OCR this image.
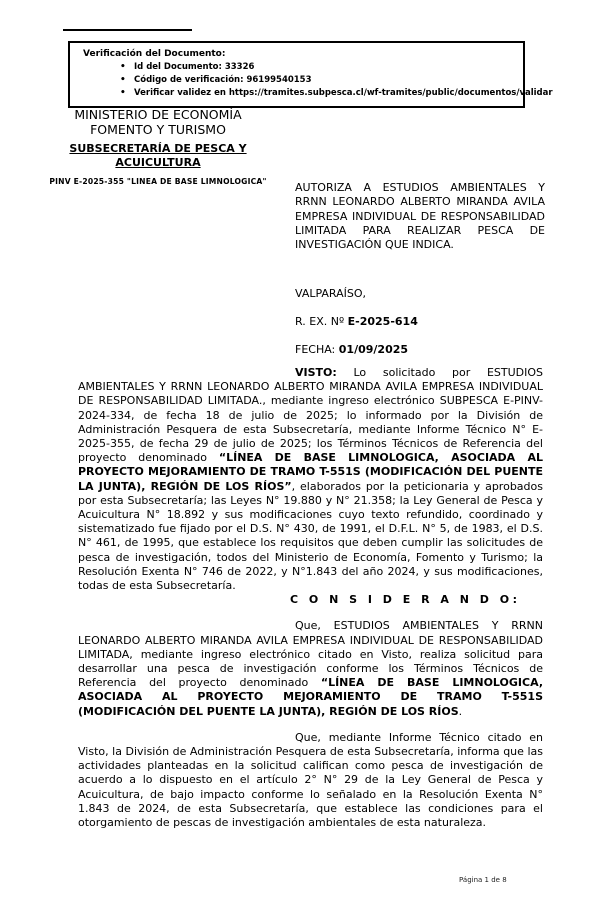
Verificación del Documento:
• Id del Documento: 33326
• Código de verificación: 96199540153
• Verificar validez en https://tramites.subpesca.cl/wf-tramites/public/documentos/validar
MINISTERIO DE ECONOMÍA
FOMENTO Y TURISMO
SUBSECRETARÍA DE PESCA Y ACUICULTURA
PINV E-2025-355 "LINEA DE BASE LIMNOLOGICA"	AUTORIZA A ESTUDIOS AMBIENTALES Y RRNN LEONARDO ALBERTO MIRANDA AVILA EMPRESA INDIVIDUAL DE RESPONSABILIDAD LIMITADA PARA REALIZAR PESCA DE INVESTIGACIÓN QUE INDICA.
VALPARAÍSO,
R. EX. Nº E-2025-614
FECHA: 01/09/2025

VISTO: Lo solicitado por ESTUDIOS AMBIENTALES Y RRNN LEONARDO ALBERTO MIRANDA AVILA EMPRESA INDIVIDUAL DE RESPONSABILIDAD LIMITADA., mediante ingreso electrónico SUBPESCA E-PINV-2024-334, de fecha 18 de julio de 2025; lo informado por la División de Administración Pesquera de esta Subsecretaría, mediante Informe Técnico N° E-2025-355, de fecha 29 de julio de 2025; los Términos Técnicos de Referencia del proyecto denominado “LÍNEA DE BASE LIMNOLOGICA, ASOCIADA AL PROYECTO MEJORAMIENTO DE TRAMO T-551S (MODIFICACIÓN DEL PUENTE LA JUNTA), REGIÓN DE LOS RÍOS”, elaborados por la peticionaria y aprobados por esta Subsecretaría; las Leyes N° 19.880 y N° 21.358; la Ley General de Pesca y Acuicultura N° 18.892 y sus modificaciones cuyo texto refundido, coordinado y sistematizado fue fijado por el D.S. N° 430, de 1991, el D.F.L. N° 5, de 1983, el D.S. N° 461, de 1995, que establece los requisitos que deben cumplir las solicitudes de pesca de investigación, todos del Ministerio de Economía, Fomento y Turismo; la Resolución Exenta N° 746 de 2022, y N°1.843 del año 2024, y sus modificaciones, todas de esta Subsecretaría.

C O N S I D E R A N D O:

Que, ESTUDIOS AMBIENTALES Y RRNN LEONARDO ALBERTO MIRANDA AVILA EMPRESA INDIVIDUAL DE RESPONSABILIDAD LIMITADA, mediante ingreso electrónico citado en Visto, realiza solicitud para desarrollar una pesca de investigación conforme los Términos Técnicos de Referencia del proyecto denominado “LÍNEA DE BASE LIMNOLOGICA, ASOCIADA AL PROYECTO MEJORAMIENTO DE TRAMO T-551S (MODIFICACIÓN DEL PUENTE LA JUNTA), REGIÓN DE LOS RÍOS.

Que, mediante Informe Técnico citado en Visto, la División de Administración Pesquera de esta Subsecretaría, informa que las actividades planteadas en la solicitud califican como pesca de investigación de acuerdo a lo dispuesto en el artículo 2° N° 29 de la Ley General de Pesca y Acuicultura, de bajo impacto conforme lo señalado en la Resolución Exenta N° 1.843 de 2024, de esta Subsecretaría, que establece las condiciones para el otorgamiento de pescas de investigación ambientales de esta naturaleza.

Página 1 de 8
